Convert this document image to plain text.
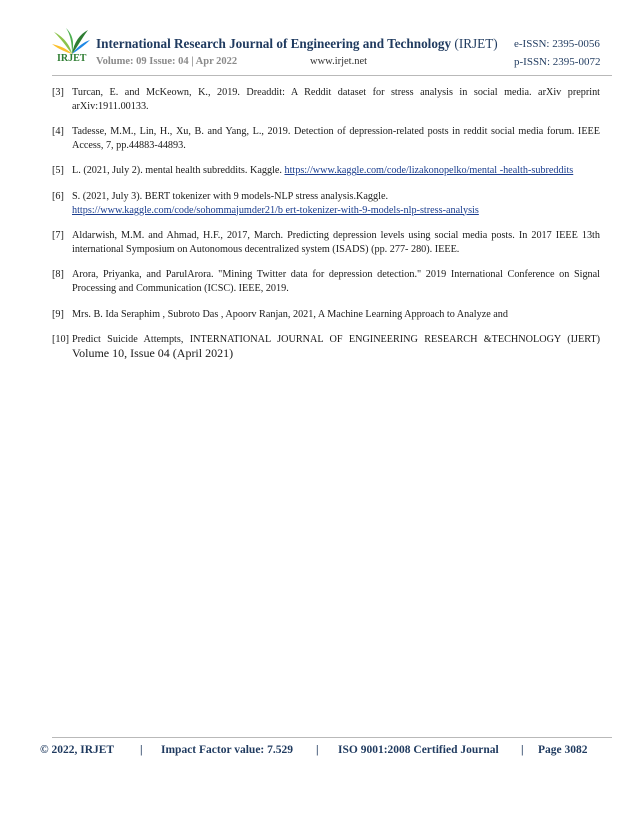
IRJET
International Research Journal of Engineering and Technology (IRJET) e-ISSN: 2395-0056
Volume: 09 Issue: 04 | Apr 2022	www.irjet.net	p-ISSN: 2395-0072
[3] Turcan, E. and McKeown, K., 2019. Dreaddit: A Reddit dataset for stress analysis in social media. arXiv preprint arXiv:1911.00133.
[4] Tadesse, M.M., Lin, H., Xu, B. and Yang, L., 2019. Detection of depression-related posts in reddit social media forum. IEEE Access, 7, pp.44883-44893.
[5] L. (2021, July 2). mental health subreddits. Kaggle. https://www.kaggle.com/code/lizakonopelko/mental -health-subreddits
[6] S. (2021, July 3). BERT tokenizer with 9 models-NLP stress analysis.Kaggle.
https://www.kaggle.com/code/sohommajumder21/b ert-tokenizer-with-9-models-nlp-stress-analysis
[7] Aldarwish, M.M. and Ahmad, H.F., 2017, March. Predicting depression levels using social media posts. In 2017 IEEE 13th international Symposium on Autonomous decentralized system (ISADS) (pp. 277- 280). IEEE.
[8] Arora, Priyanka, and ParulArora. "Mining Twitter data for depression detection." 2019 International Conference on Signal Processing and Communication (ICSC). IEEE, 2019.
[9] Mrs. B. Ida Seraphim , Subroto Das , Apoorv Ranjan, 2021, A Machine Learning Approach to Analyze and
[10] Predict Suicide Attempts, INTERNATIONAL JOURNAL OF ENGINEERING RESEARCH &TECHNOLOGY (IJERT) Volume 10, Issue 04 (April 2021)
© 2022, IRJET | Impact Factor value: 7.529 | ISO 9001:2008 Certified Journal | Page 3082
